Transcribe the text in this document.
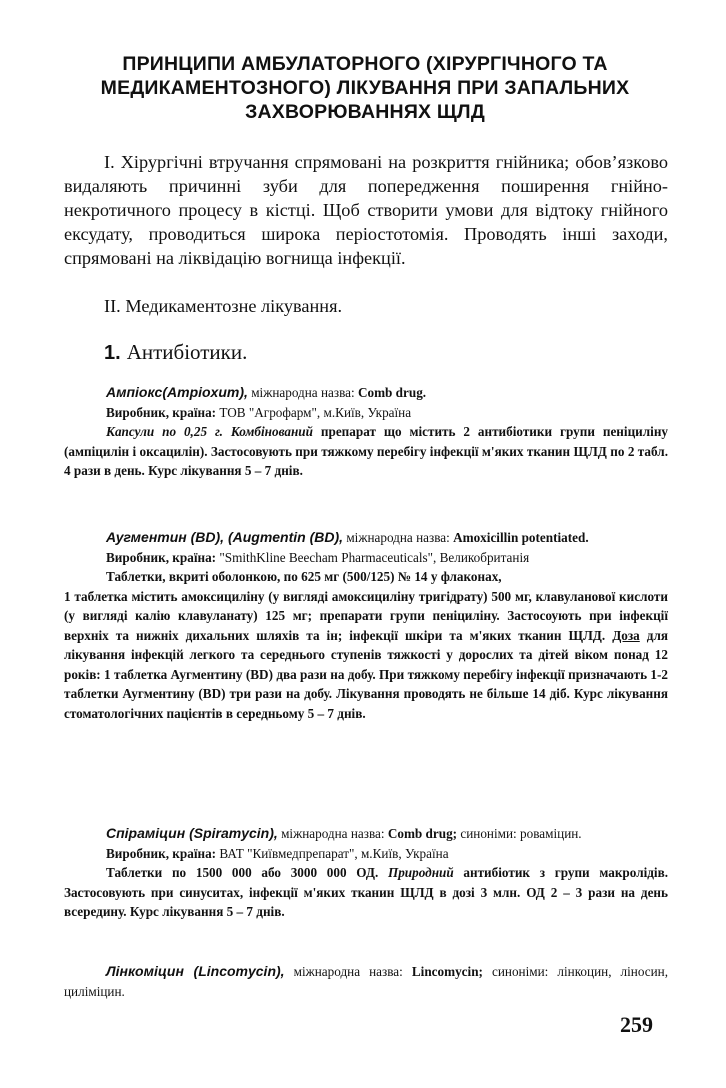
ПРИНЦИПИ АМБУЛАТОРНОГО (ХІРУРГІЧНОГО ТА
МЕДИКАМЕНТОЗНОГО) ЛІКУВАННЯ ПРИ ЗАПАЛЬНИХ
ЗАХВОРЮВАННЯХ ЩЛД
I. Хірургічні втручання спрямовані на розкриття гнійника; обов’язково видаляють причинні зуби для попередження поширення гнійно-некротичного процесу в кістці. Щоб створити умови для відтоку гнійного ексудату, проводиться широка періостотомія. Проводять інші заходи, спрямовані на ліквідацію вогнища інфекції.
II. Медикаментозне лікування.
1. Антибіотики.
Ампіокс(Ampioxum), міжнародна назва: Comb drug.
Виробник, країна: ТОВ "Агрофарм", м.Київ, Україна
Капсули по 0,25 г. Комбінований препарат що містить 2 антибіотики групи пеніциліну (ампіцилін і оксацилін). Застосовують при тяжкому перебігу інфекції м'яких тканин ЩЛД по 2 табл. 4 рази в день. Курс лікування 5 – 7 днів.
Аугментин (BD), (Augmentin (BD), міжнародна назва: Amoxicillin potentiated.
Виробник, країна: "SmithKline Beecham Pharmaceuticals", Великобританія
Таблетки, вкриті оболонкою, по 625 мг (500/125) № 14 у флаконах,
1 таблетка містить амоксициліну (у вигляді амоксициліну тригідрату) 500 мг, клавуланової кислоти (у вигляді калію клавуланату) 125 мг; препарати групи пеніциліну. Застосоують при інфекції верхніх та нижніх дихальних шляхів та ін; інфекції шкіри та м'яких тканин ЩЛД. Доза для лікування інфекцій легкого та середнього ступенів тяжкості у дорослих та дітей віком понад 12 років: 1 таблетка Аугментину (BD) два рази на добу. При тяжкому перебігу інфекції призначають 1-2 таблетки Аугментину (BD) три рази на добу. Лікування проводять не більше 14 діб. Курс лікування стоматологічних пацієнтів в середньому 5 – 7 днів.
Спіраміцин (Spiramycin), міжнародна назва: Comb drug; синоніми: роваміцин.
Виробник, країна: ВАТ "Київмедпрепарат", м.Київ, Україна
Таблетки по 1500 000 або 3000 000 ОД. Природний антибіотик з групи макролідів. Застосовують при синуситах, інфекції м'яких тканин ЩЛД в дозі 3 млн. ОД 2 – 3 рази на день всередину. Курс лікування 5 – 7 днів.
Лінкоміцин (Lincomycin), міжнародна назва: Lincomycin; синоніми: лінкоцин, ліносин, циліміцин.
259
